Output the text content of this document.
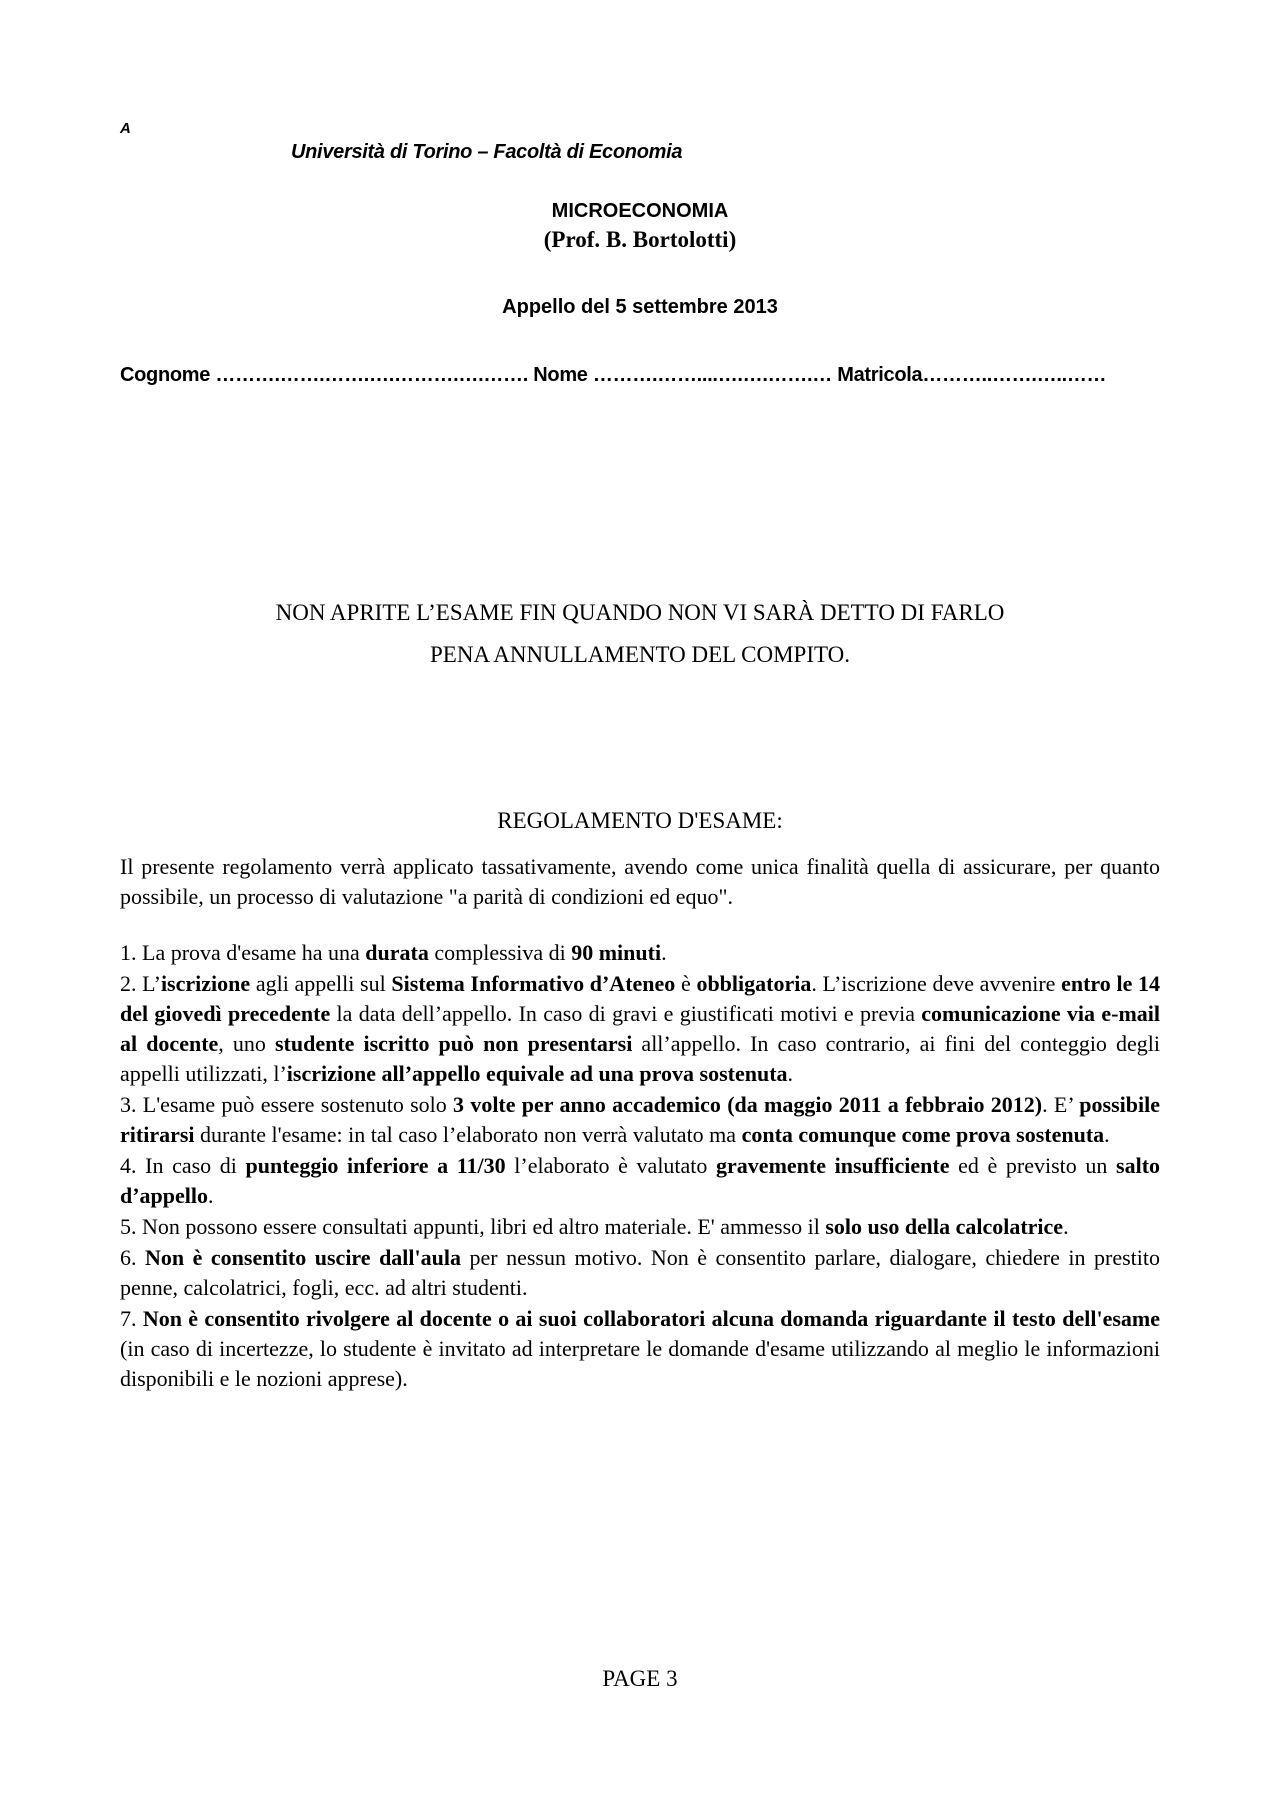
A
Università di Torino – Facoltà di Economia
MICROECONOMIA
(Prof. B. Bortolotti)
Appello del 5 settembre 2013
Cognome ……….…….…….….……….….……. Nome ……….……....….….…….… Matricola………..…….…..……
NON APRITE L’ESAME FIN QUANDO NON VI SARÀ DETTO DI FARLO
PENA ANNULLAMENTO DEL COMPITO.
REGOLAMENTO D'ESAME:
Il presente regolamento verrà applicato tassativamente, avendo come unica finalità quella di assicurare, per quanto possibile, un processo di valutazione "a parità di condizioni ed equo".

1. La prova d'esame ha una durata complessiva di 90 minuti.

2. L’iscrizione agli appelli sul Sistema Informativo d’Ateneo è obbligatoria. L’iscrizione deve avvenire entro le 14 del giovedì precedente la data dell’appello. In caso di gravi e giustificati motivi e previa comunicazione via e-mail al docente, uno studente iscritto può non presentarsi all’appello. In caso contrario, ai fini del conteggio degli appelli utilizzati, l’iscrizione all’appello equivale ad una prova sostenuta.

3. L'esame può essere sostenuto solo 3 volte per anno accademico (da maggio 2011 a febbraio 2012). E’ possibile ritirarsi durante l'esame: in tal caso l’elaborato non verrà valutato ma conta comunque come prova sostenuta.

4. In caso di punteggio inferiore a 11/30 l’elaborato è valutato gravemente insufficiente ed è previsto un salto d’appello.

5. Non possono essere consultati appunti, libri ed altro materiale. E' ammesso il solo uso della calcolatrice.

6. Non è consentito uscire dall'aula per nessun motivo. Non è consentito parlare, dialogare, chiedere in prestito penne, calcolatrici, fogli, ecc. ad altri studenti.

7. Non è consentito rivolgere al docente o ai suoi collaboratori alcuna domanda riguardante il testo dell'esame (in caso di incertezze, lo studente è invitato ad interpretare le domande d'esame utilizzando al meglio le informazioni disponibili e le nozioni apprese).

PAGE 3
